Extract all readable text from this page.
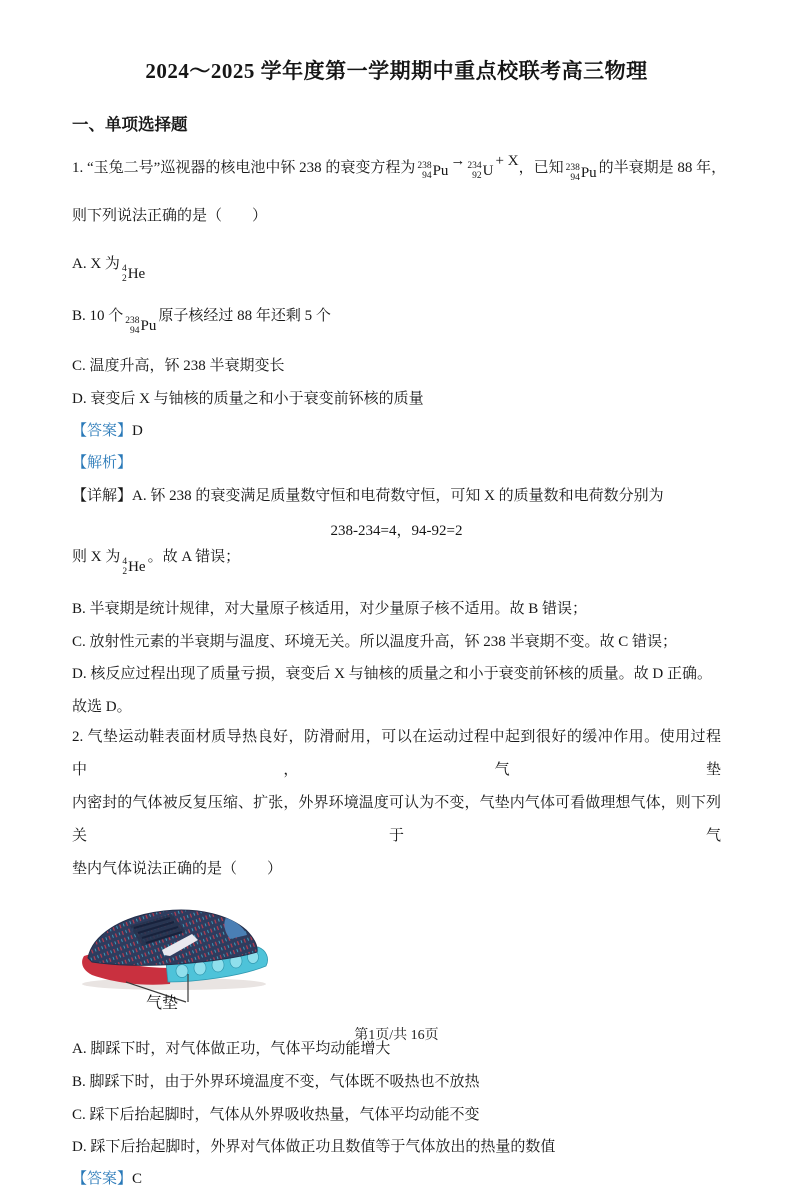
2024～2025 学年度第一学期期中重点校联考高三物理
一、单项选择题

1. “玉兔二号”巡视器的核电池中钚 238 的衰变方程为 238
94 Pu
→ 234
92 U
+ X，已知 238
94 Pu 的半衰期是 88 年，

则下列说法正确的是（　　）

A. X 为 4
2 He

B. 10 个 238
94 Pu
原子核经过 88 年还剩 5 个

C. 温度升高，钚 238 半衰期变长

D. 衰变后 X 与铀核的质量之和小于衰变前钚核的质量

【答案】D

【解析】

【详解】A. 钚 238 的衰变满足质量数守恒和电荷数守恒，可知 X 的质量数和电荷数分别为

238-234=4，94-92=2

则 X 为 4
2 He
。故 A 错误；

B. 半衰期是统计规律，对大量原子核适用，对少量原子核不适用。故 B 错误；

C. 放射性元素的半衰期与温度、环境无关。所以温度升高，钚 238 半衰期不变。故 C 错误；

D. 核反应过程出现了质量亏损，衰变后 X 与铀核的质量之和小于衰变前钚核的质量。故 D 正确。

故选 D。

2. 气垫运动鞋表面材质导热良好，防滑耐用，可以在运动过程中起到很好的缓冲作用。使用过程中，气垫

内密封的气体被反复压缩、扩张，外界环境温度可认为不变，气垫内气体可看做理想气体，则下列关于气

垫内气体说法正确的是（　　）

气垫

A. 脚踩下时，对气体做正功，气体平均动能增大

B. 脚踩下时，由于外界环境温度不变，气体既不吸热也不放热

C. 踩下后抬起脚时，气体从外界吸收热量，气体平均动能不变

D. 踩下后抬起脚时，外界对气体做正功且数值等于气体放出的热量的数值

【答案】C

第1页/共 16页
